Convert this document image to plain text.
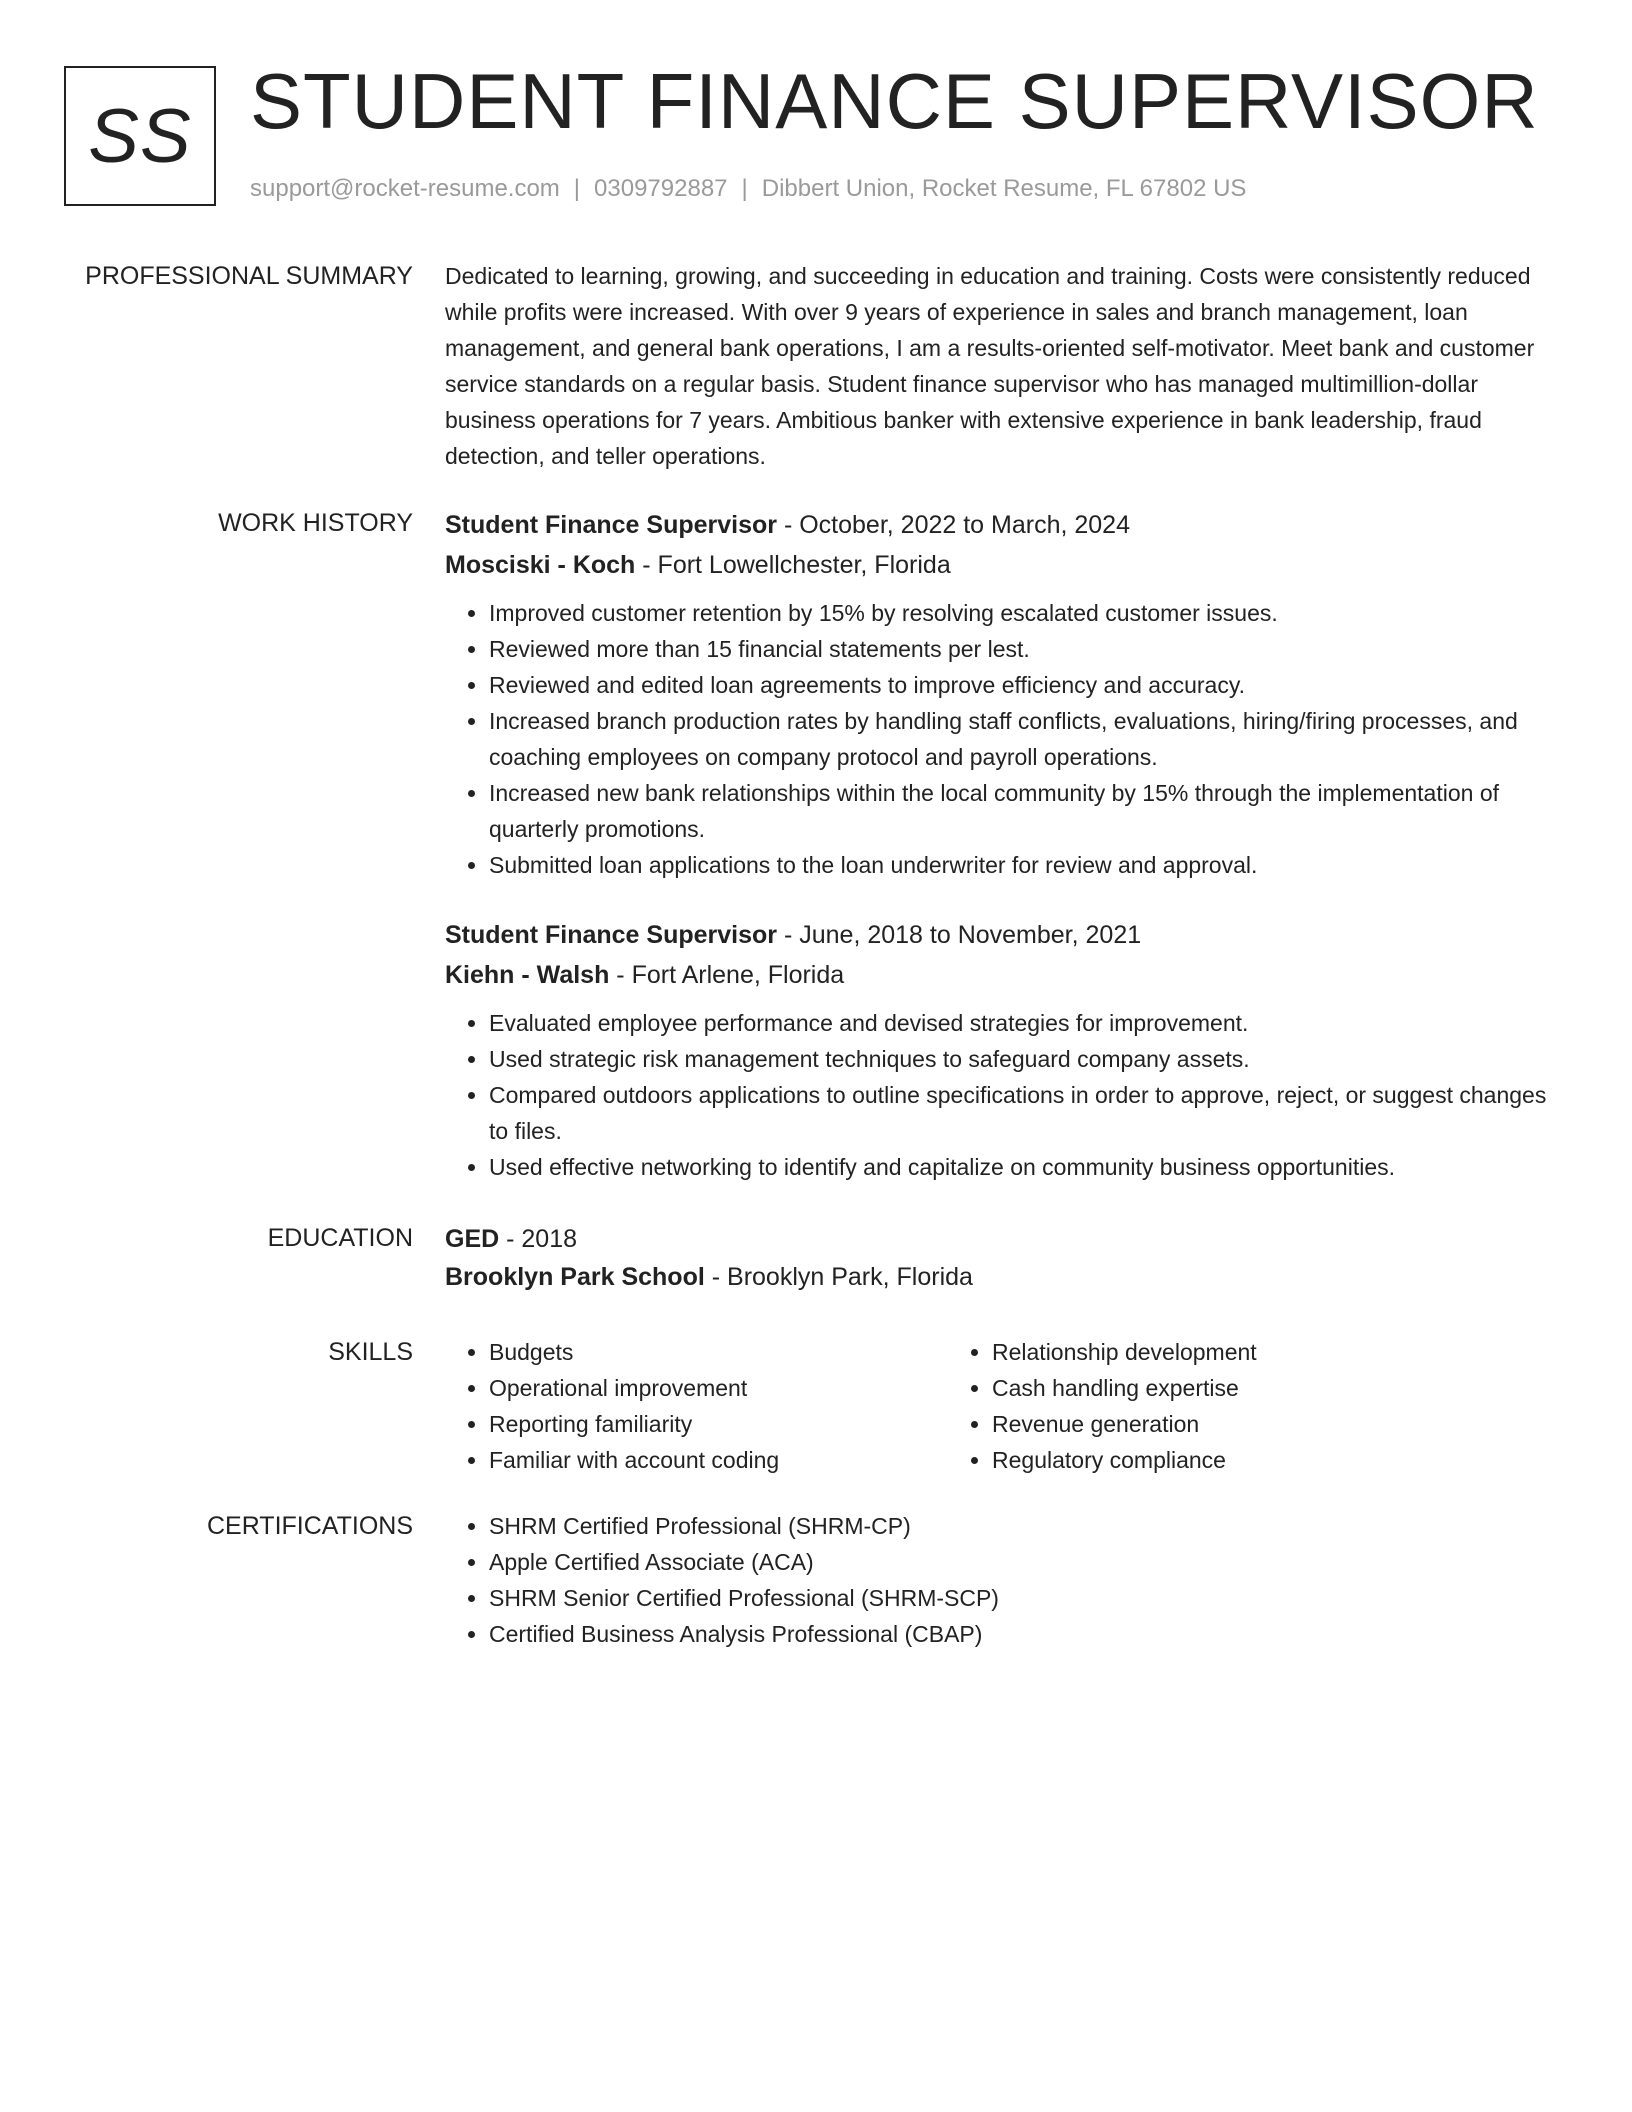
SS STUDENT FINANCE SUPERVISOR
support@rocket-resume.com | 0309792887 | Dibbert Union, Rocket Resume, FL 67802 US
PROFESSIONAL SUMMARY Dedicated to learning, growing, and succeeding in education and training. Costs were consistently reduced while profits were increased. With over 9 years of experience in sales and branch management, loan management, and general bank operations, I am a results-oriented self-motivator. Meet bank and customer service standards on a regular basis. Student finance supervisor who has managed multimillion-dollar business operations for 7 years. Ambitious banker with extensive experience in bank leadership, fraud detection, and teller operations.

WORK HISTORY Student Finance Supervisor - October, 2022 to March, 2024

Mosciski - Koch - Fort Lowellchester, Florida

• Improved customer retention by 15% by resolving escalated customer issues.
• Reviewed more than 15 financial statements per lest.
• Reviewed and edited loan agreements to improve efficiency and accuracy.
• Increased branch production rates by handling staff conflicts, evaluations, hiring/firing processes, and coaching employees on company protocol and payroll operations.
• Increased new bank relationships within the local community by 15% through the implementation of quarterly promotions.
• Submitted loan applications to the loan underwriter for review and approval.

Student Finance Supervisor - June, 2018 to November, 2021

Kiehn - Walsh - Fort Arlene, Florida

• Evaluated employee performance and devised strategies for improvement.
• Used strategic risk management techniques to safeguard company assets.
• Compared outdoors applications to outline specifications in order to approve, reject, or suggest changes to files.
• Used effective networking to identify and capitalize on community business opportunities.
EDUCATION GED - 2018

Brooklyn Park School - Brooklyn Park, Florida

SKILLS	• Budgets
• Operational improvement
• Reporting familiarity
• Familiar with account coding
• Relationship development
• Cash handling expertise
• Revenue generation
• Regulatory compliance
CERTIFICATIONS	• SHRM Certified Professional (SHRM-CP)
• Apple Certified Associate (ACA)
• SHRM Senior Certified Professional (SHRM-SCP)
• Certified Business Analysis Professional (CBAP)
